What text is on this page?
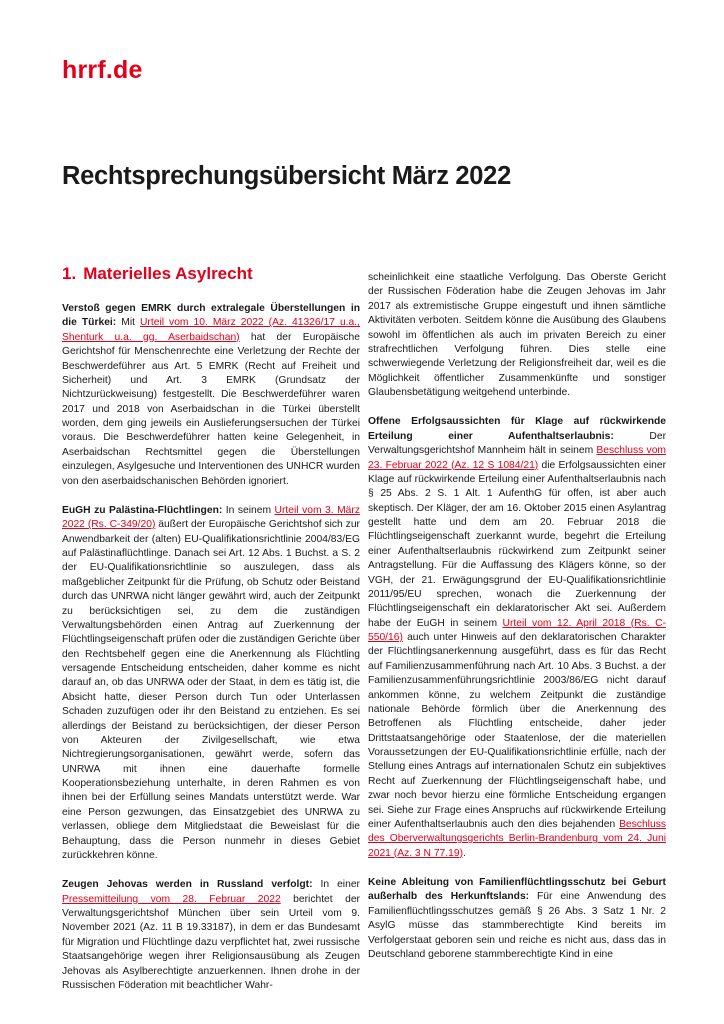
hrrf.de
Rechtsprechungsübersicht März 2022
1. Materielles Asylrecht

Verstoß gegen EMRK durch extralegale Überstellungen in die Türkei: Mit Urteil vom 10. März 2022 (Az. 41326/17 u.a., Shenturk u.a. gg. Aserbaidschan) hat der Europäische Gerichtshof für Menschenrechte eine Verletzung der Rechte der Beschwerdeführer aus Art. 5 EMRK (Recht auf Freiheit und Sicherheit) und Art. 3 EMRK (Grundsatz der Nichtzurückweisung) festgestellt. Die Beschwerdeführer waren 2017 und 2018 von Aserbaidschan in die Türkei überstellt worden, dem ging jeweils ein Auslieferungsersuchen der Türkei voraus. Die Beschwerdeführer hatten keine Gelegenheit, in Aserbaidschan Rechtsmittel gegen die Überstellungen einzulegen, Asylgesuche und Interventionen des UNHCR wurden von den aserbaidschanischen Behörden ignoriert.

EuGH zu Palästina-Flüchtlingen: In seinem Urteil vom 3. März 2022 (Rs. C-349/20) äußert der Europäische Gerichtshof sich zur Anwendbarkeit der (alten) EU-Qualifikationsrichtlinie 2004/83/EG auf Palästinaflüchtlinge. Danach sei Art. 12 Abs. 1 Buchst. a S. 2 der EU-Qualifikationsrichtlinie so auszulegen, dass als maßgeblicher Zeitpunkt für die Prüfung, ob Schutz oder Beistand durch das UNRWA nicht länger gewährt wird, auch der Zeitpunkt zu berücksichtigen sei, zu dem die zuständigen Verwaltungsbehörden einen Antrag auf Zuerkennung der Flüchtlingseigenschaft prüfen oder die zuständigen Gerichte über den Rechtsbehelf gegen eine die Anerkennung als Flüchtling versagende Entscheidung entscheiden, daher komme es nicht darauf an, ob das UNRWA oder der Staat, in dem es tätig ist, die Absicht hatte, dieser Person durch Tun oder Unterlassen Schaden zuzufügen oder ihr den Beistand zu entziehen. Es sei allerdings der Beistand zu berücksichtigen, der dieser Person von Akteuren der Zivilgesellschaft, wie etwa Nichtregierungsorganisationen, gewährt werde, sofern das UNRWA mit ihnen eine dauerhafte formelle Kooperationsbeziehung unterhalte, in deren Rahmen es von ihnen bei der Erfüllung seines Mandats unterstützt werde. War eine Person gezwungen, das Einsatzgebiet des UNRWA zu verlassen, obliege dem Mitgliedstaat die Beweislast für die Behauptung, dass die Person nunmehr in dieses Gebiet zurückkehren könne.

Zeugen Jehovas werden in Russland verfolgt: In einer Pressemitteilung vom 28. Februar 2022 berichtet der Verwaltungsgerichtshof München über sein Urteil vom 9. November 2021 (Az. 11 B 19.33187), in dem er das Bundesamt für Migration und Flüchtlinge dazu verpflichtet hat, zwei russische Staatsangehörige wegen ihrer Religionsausübung als Zeugen Jehovas als Asylberechtigte anzuerkennen. Ihnen drohe in der Russischen Föderation mit beachtlicher Wahr-

scheinlichkeit eine staatliche Verfolgung. Das Oberste Gericht der Russischen Föderation habe die Zeugen Jehovas im Jahr 2017 als extremistische Gruppe eingestuft und ihnen sämtliche Aktivitäten verboten. Seitdem könne die Ausübung des Glaubens sowohl im öffentlichen als auch im privaten Bereich zu einer strafrechtlichen Verfolgung führen. Dies stelle eine schwerwiegende Verletzung der Religionsfreiheit dar, weil es die Möglichkeit öffentlicher Zusammenkünfte und sonstiger Glaubensbetätigung weitgehend unterbinde.

Offene Erfolgsaussichten für Klage auf rückwirkende Erteilung einer Aufenthaltserlaubnis: Der Verwaltungsgerichtshof Mannheim hält in seinem Beschluss vom 23. Februar 2022 (Az. 12 S 1084/21) die Erfolgsaussichten einer Klage auf rückwirkende Erteilung einer Aufenthaltserlaubnis nach § 25 Abs. 2 S. 1 Alt. 1 AufenthG für offen, ist aber auch skeptisch. Der Kläger, der am 16. Oktober 2015 einen Asylantrag gestellt hatte und dem am 20. Februar 2018 die Flüchtlingseigenschaft zuerkannt wurde, begehrt die Erteilung einer Aufenthaltserlaubnis rückwirkend zum Zeitpunkt seiner Antragstellung. Für die Auffassung des Klägers könne, so der VGH, der 21. Erwägungsgrund der EU-Qualifikationsrichtlinie 2011/95/EU sprechen, wonach die Zuerkennung der Flüchtlingseigenschaft ein deklaratorischer Akt sei. Außerdem habe der EuGH in seinem Urteil vom 12. April 2018 (Rs. C-550/16) auch unter Hinweis auf den deklaratorischen Charakter der Flüchtlingsanerkennung ausgeführt, dass es für das Recht auf Familienzusammenführung nach Art. 10 Abs. 3 Buchst. a der Familienzusammenführungsrichtlinie 2003/86/EG nicht darauf ankommen könne, zu welchem Zeitpunkt die zuständige nationale Behörde förmlich über die Anerkennung des Betroffenen als Flüchtling entscheide, daher jeder Drittstaatsangehörige oder Staatenlose, der die materiellen Voraussetzungen der EU-Qualifikationsrichtlinie erfülle, nach der Stellung eines Antrags auf internationalen Schutz ein subjektives Recht auf Zuerkennung der Flüchtlingseigenschaft habe, und zwar noch bevor hierzu eine förmliche Entscheidung ergangen sei. Siehe zur Frage eines Anspruchs auf rückwirkende Erteilung einer Aufenthaltserlaubnis auch den dies bejahenden Beschluss des Oberverwaltungsgerichts Berlin-Brandenburg vom 24. Juni 2021 (Az. 3 N 77.19).

Keine Ableitung von Familienflüchtlingsschutz bei Geburt außerhalb des Herkunftslands: Für eine Anwendung des Familienflüchtlingsschutzes gemäß § 26 Abs. 3 Satz 1 Nr. 2 AsylG müsse das stammberechtigte Kind bereits im Verfolgerstaat geboren sein und reiche es nicht aus, dass das in Deutschland geborene stammberechtigte Kind in eine
